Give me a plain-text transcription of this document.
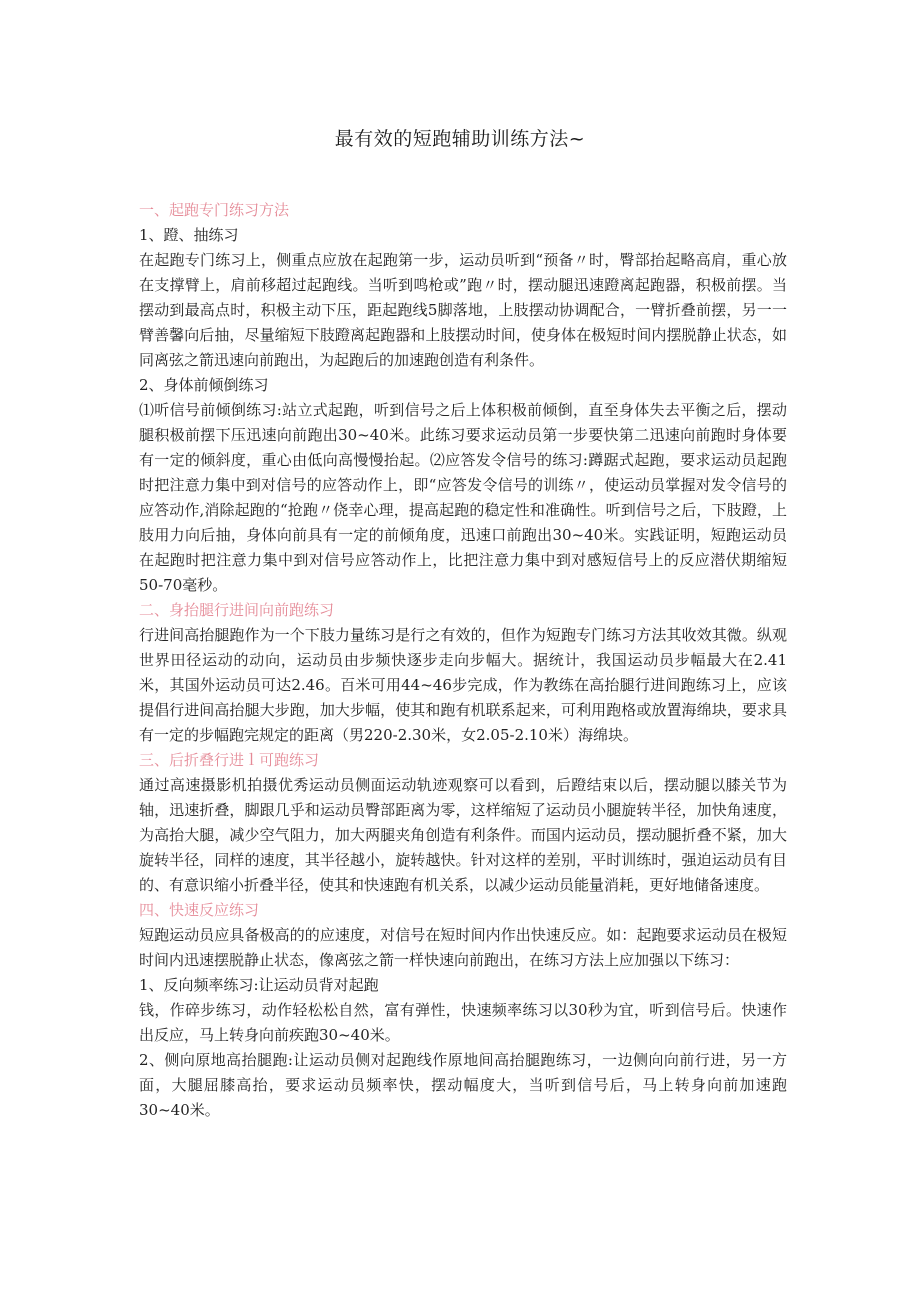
最有效的短跑辅助训练方法~

一、起跑专门练习方法

1、蹬、抽练习

在起跑专门练习上，侧重点应放在起跑第一步，运动员听到“预备〃时，臀部抬起略高肩，重心放在支撑臂上，肩前移超过起跑线。当听到鸣枪或”跑〃时，摆动腿迅速蹬离起跑器，积极前摆。当摆动到最高点时，积极主动下压，距起跑线5脚落地，上肢摆动协调配合，一臂折叠前摆，另一一臂善馨向后抽，尽量缩短下肢蹬离起跑器和上肢摆动时间，使身体在极短时间内摆脱静止状态，如同离弦之箭迅速向前跑出，为起跑后的加速跑创造有利条件。

2、身体前倾倒练习

⑴听信号前倾倒练习:站立式起跑，听到信号之后上体积极前倾倒，直至身体失去平衡之后，摆动腿积极前摆下压迅速向前跑出30~40米。此练习要求运动员第一步要快第二迅速向前跑时身体要有一定的倾斜度，重心由低向高慢慢抬起。⑵应答发令信号的练习:蹲踞式起跑，要求运动员起跑时把注意力集中到对信号的应答动作上，即“应答发令信号的训练〃，使运动员掌握对发令信号的应答动作,消除起跑的“抢跑〃侥幸心理，提高起跑的稳定性和准确性。听到信号之后，下肢蹬，上肢用力向后抽，身体向前具有一定的前倾角度，迅速口前跑出30~40米。实践证明，短跑运动员在起跑时把注意力集中到对信号应答动作上，比把注意力集中到对感短信号上的反应潜伏期缩短50-70毫秒。

二、身抬腿行进间向前跑练习

行进间高抬腿跑作为一个下肢力量练习是行之有效的，但作为短跑专门练习方法其收效其微。纵观世界田径运动的动向，运动员由步频快逐步走向步幅大。据统计，我国运动员步幅最大在2.41米，其国外运动员可达2.46。百米可用44~46步完成，作为教练在高抬腿行进间跑练习上，应该提倡行进间高抬腿大步跑，加大步幅，使其和跑有机联系起来，可利用跑格或放置海绵块，要求具有一定的步幅跑完规定的距离（男220-2.30米，女2.05-2.10米）海绵块。

三、后折叠行进ｌ可跑练习

通过高速摄影机拍摄优秀运动员侧面运动轨迹观察可以看到，后蹬结束以后，摆动腿以膝关节为轴，迅速折叠，脚跟几乎和运动员臀部距离为零，这样缩短了运动员小腿旋转半径，加快角速度，为高抬大腿，减少空气阻力，加大两腿夹角创造有利条件。而国内运动员，摆动腿折叠不紧，加大旋转半径，同样的速度，其半径越小，旋转越快。针对这样的差别，平时训练时，强迫运动员有目的、有意识缩小折叠半径，使其和快速跑有机关系，以减少运动员能量消耗，更好地储备速度。

四、快速反应练习

短跑运动员应具备极高的的应速度，对信号在短时间内作出快速反应。如：起跑要求运动员在极短时间内迅速摆脱静止状态，像离弦之箭一样快速向前跑出，在练习方法上应加强以下练习：

1、反向频率练习:让运动员背对起跑

钱，作碎步练习，动作轻松松自然，富有弹性，快速频率练习以30秒为宜，听到信号后。快速作出反应，马上转身向前疾跑30~40米。

2、侧向原地高抬腿跑:让运动员侧对起跑线作原地间高抬腿跑练习，一边侧向向前行进，另一方面，大腿屈膝高抬，要求运动员频率快，摆动幅度大，当听到信号后，马上转身向前加速跑30~40米。
